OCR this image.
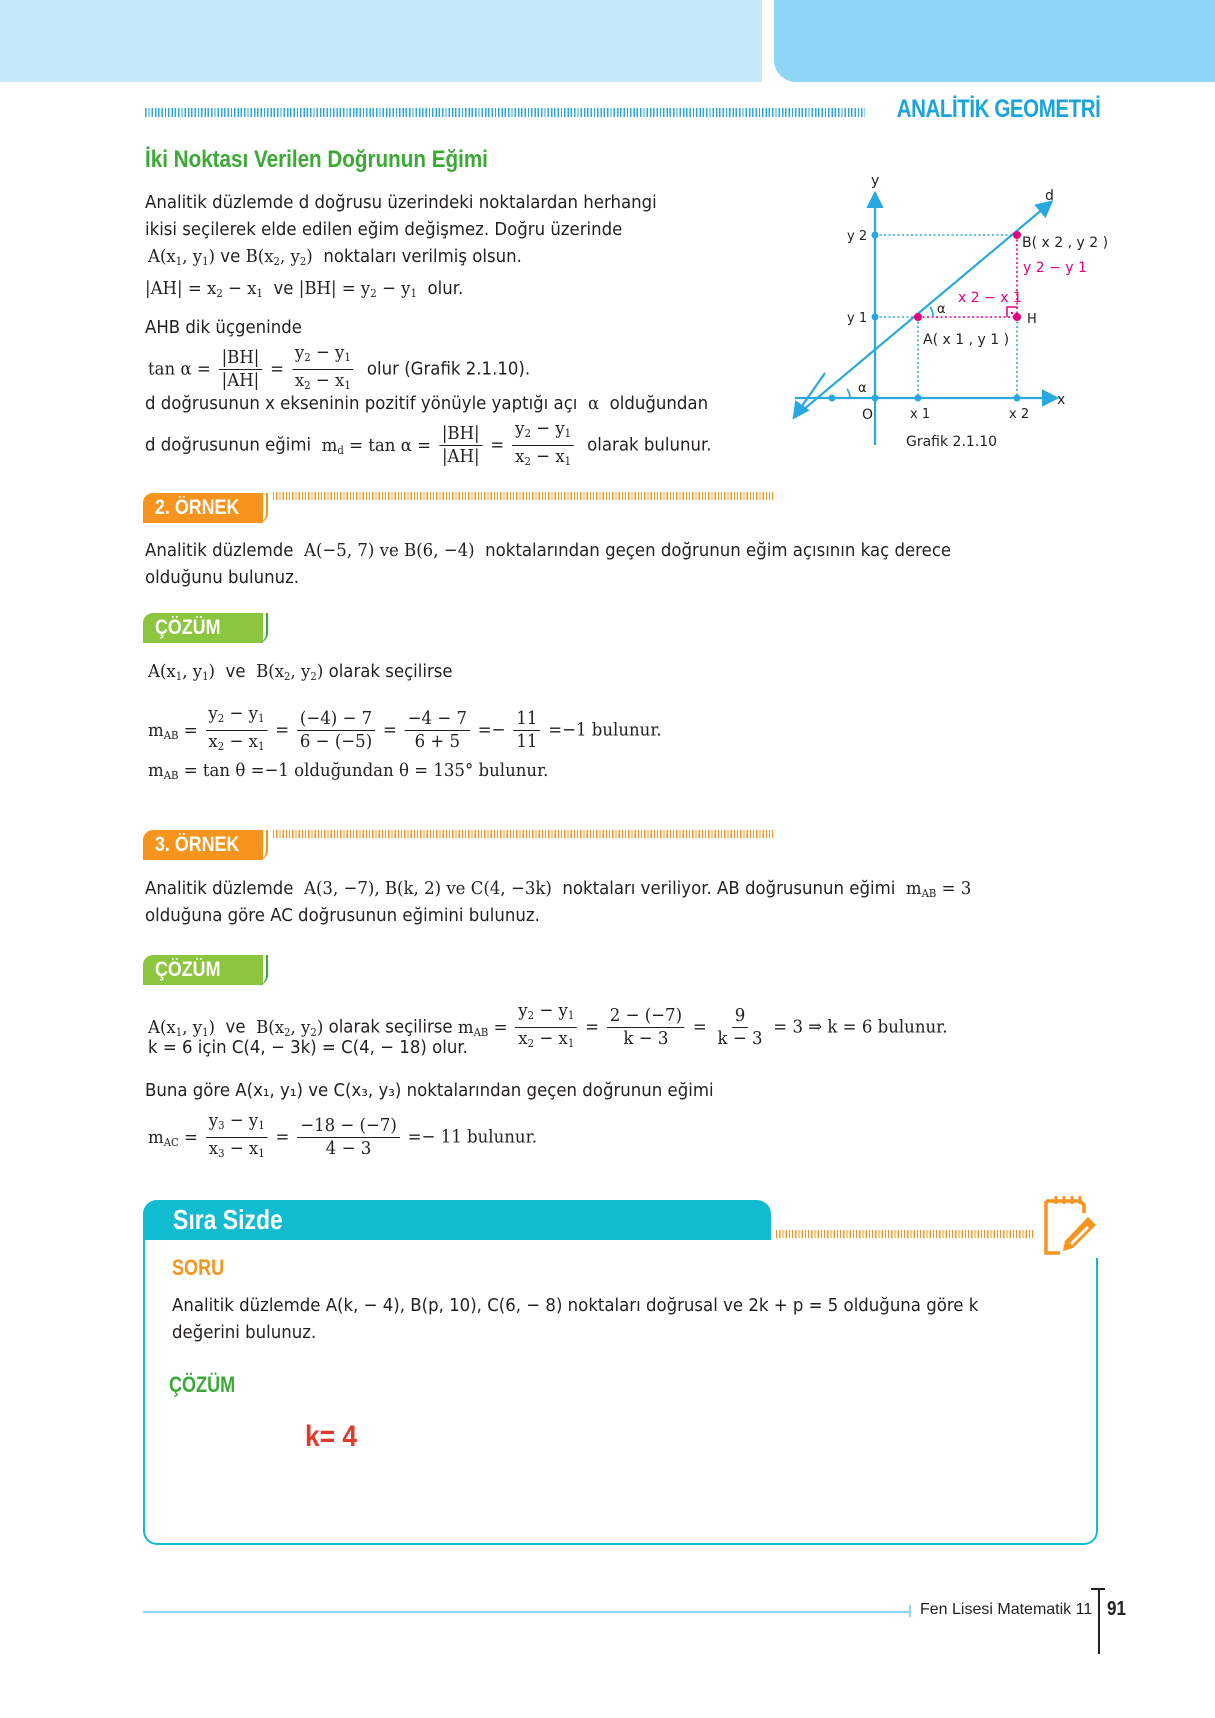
ANALİTİK GEOMETRİ
İki Noktası Verilen Doğrunun Eğimi
Analitik düzlemde d doğrusu üzerindeki noktalardan herhangi
ikisi seçilerek elde edilen eğim değişmez. Doğru üzerinde
$A(x_1$, $y_1$) ve $B(x_2$, $y_2$) noktaları verilmiş olsun.
$|AH| = x_2 - x_1$ ve $|BH| = y_2 - y_1$ olur.
AHB dik üçgeninde
$\tan \alpha = \frac{|BH|}{|AH|} = \frac{y_2 - y_1}{x_2 - x_1}$ olur (Grafik 2.1.10).
d doğrusunun x ekseninin pozitif yönüyle yaptığı açı α olduğundan
d doğrusunun eğimi $m_d = \tan \alpha = \frac{|BH|}{|AH|} = \frac{y_2 - y_1}{x_2 - x_1}$ olarak bulunur.
y
x
d
O
y 2
y 1
x 1	x 2
α
α
B( x 2 , y 2 )
y 2 − y 1
x 2 − x 1
H
A( x 1 , y 1 )
Grafik 2.1.10
2. ÖRNEK
Analitik düzlemde A(−5, 7) ve B(6, −4) noktalarından geçen doğrunun eğim açısının kaç derece
olduğunu bulunuz.
ÇÖZÜM
$A(x_1$, $y_1$)  ve  $B(x_2$, $y_2$) olarak seçilirse
$m_{AB} = \frac{y_2 - y_1}{x_2 - x_1} = \frac{(-4) - 7}{6 - (-5)} = \frac{-4 - 7}{6 + 5} =- \frac{11}{11} =-1$ bulunur.
$m_{AB} = \tan \theta =-1$ olduğundan θ = 135° bulunur.
3. ÖRNEK
Analitik düzlemde A(3, −7), B(k, 2) ve C(4, −3k) noktaları veriliyor. AB doğrusunun eğimi $m_{AB} = 3$
olduğuna göre AC doğrusunun eğimini bulunuz.
ÇÖZÜM
$A(x_1$, $y_1$)  ve  $B(x_2$, $y_2$) olarak seçilirse $m_{AB} = \frac{y_2 - y_1}{x_2 - x_1} = \frac{2 - (-7)}{k - 3} = \frac{9}{k - 3} = 3$ ⇒ k = 6 bulunur.
k = 6 için C(4, − 3k) = C(4, − 18) olur.
Buna göre A(x₁, y₁) ve C(x₃, y₃) noktalarından geçen doğrunun eğimi
$m_{AC} = \frac{y_3 - y_1}{x_3 - x_1} = \frac{-18 - (-7)}{4 - 3} =- 11$ bulunur.
Sıra Sizde
SORU
Analitik düzlemde A(k, − 4), B(p, 10), C(6, − 8) noktaları doğrusal ve 2k + p = 5 olduğuna göre k
değerini bulunuz.
ÇÖZÜM
k= 4
Fen Lisesi Matematik 11 91
